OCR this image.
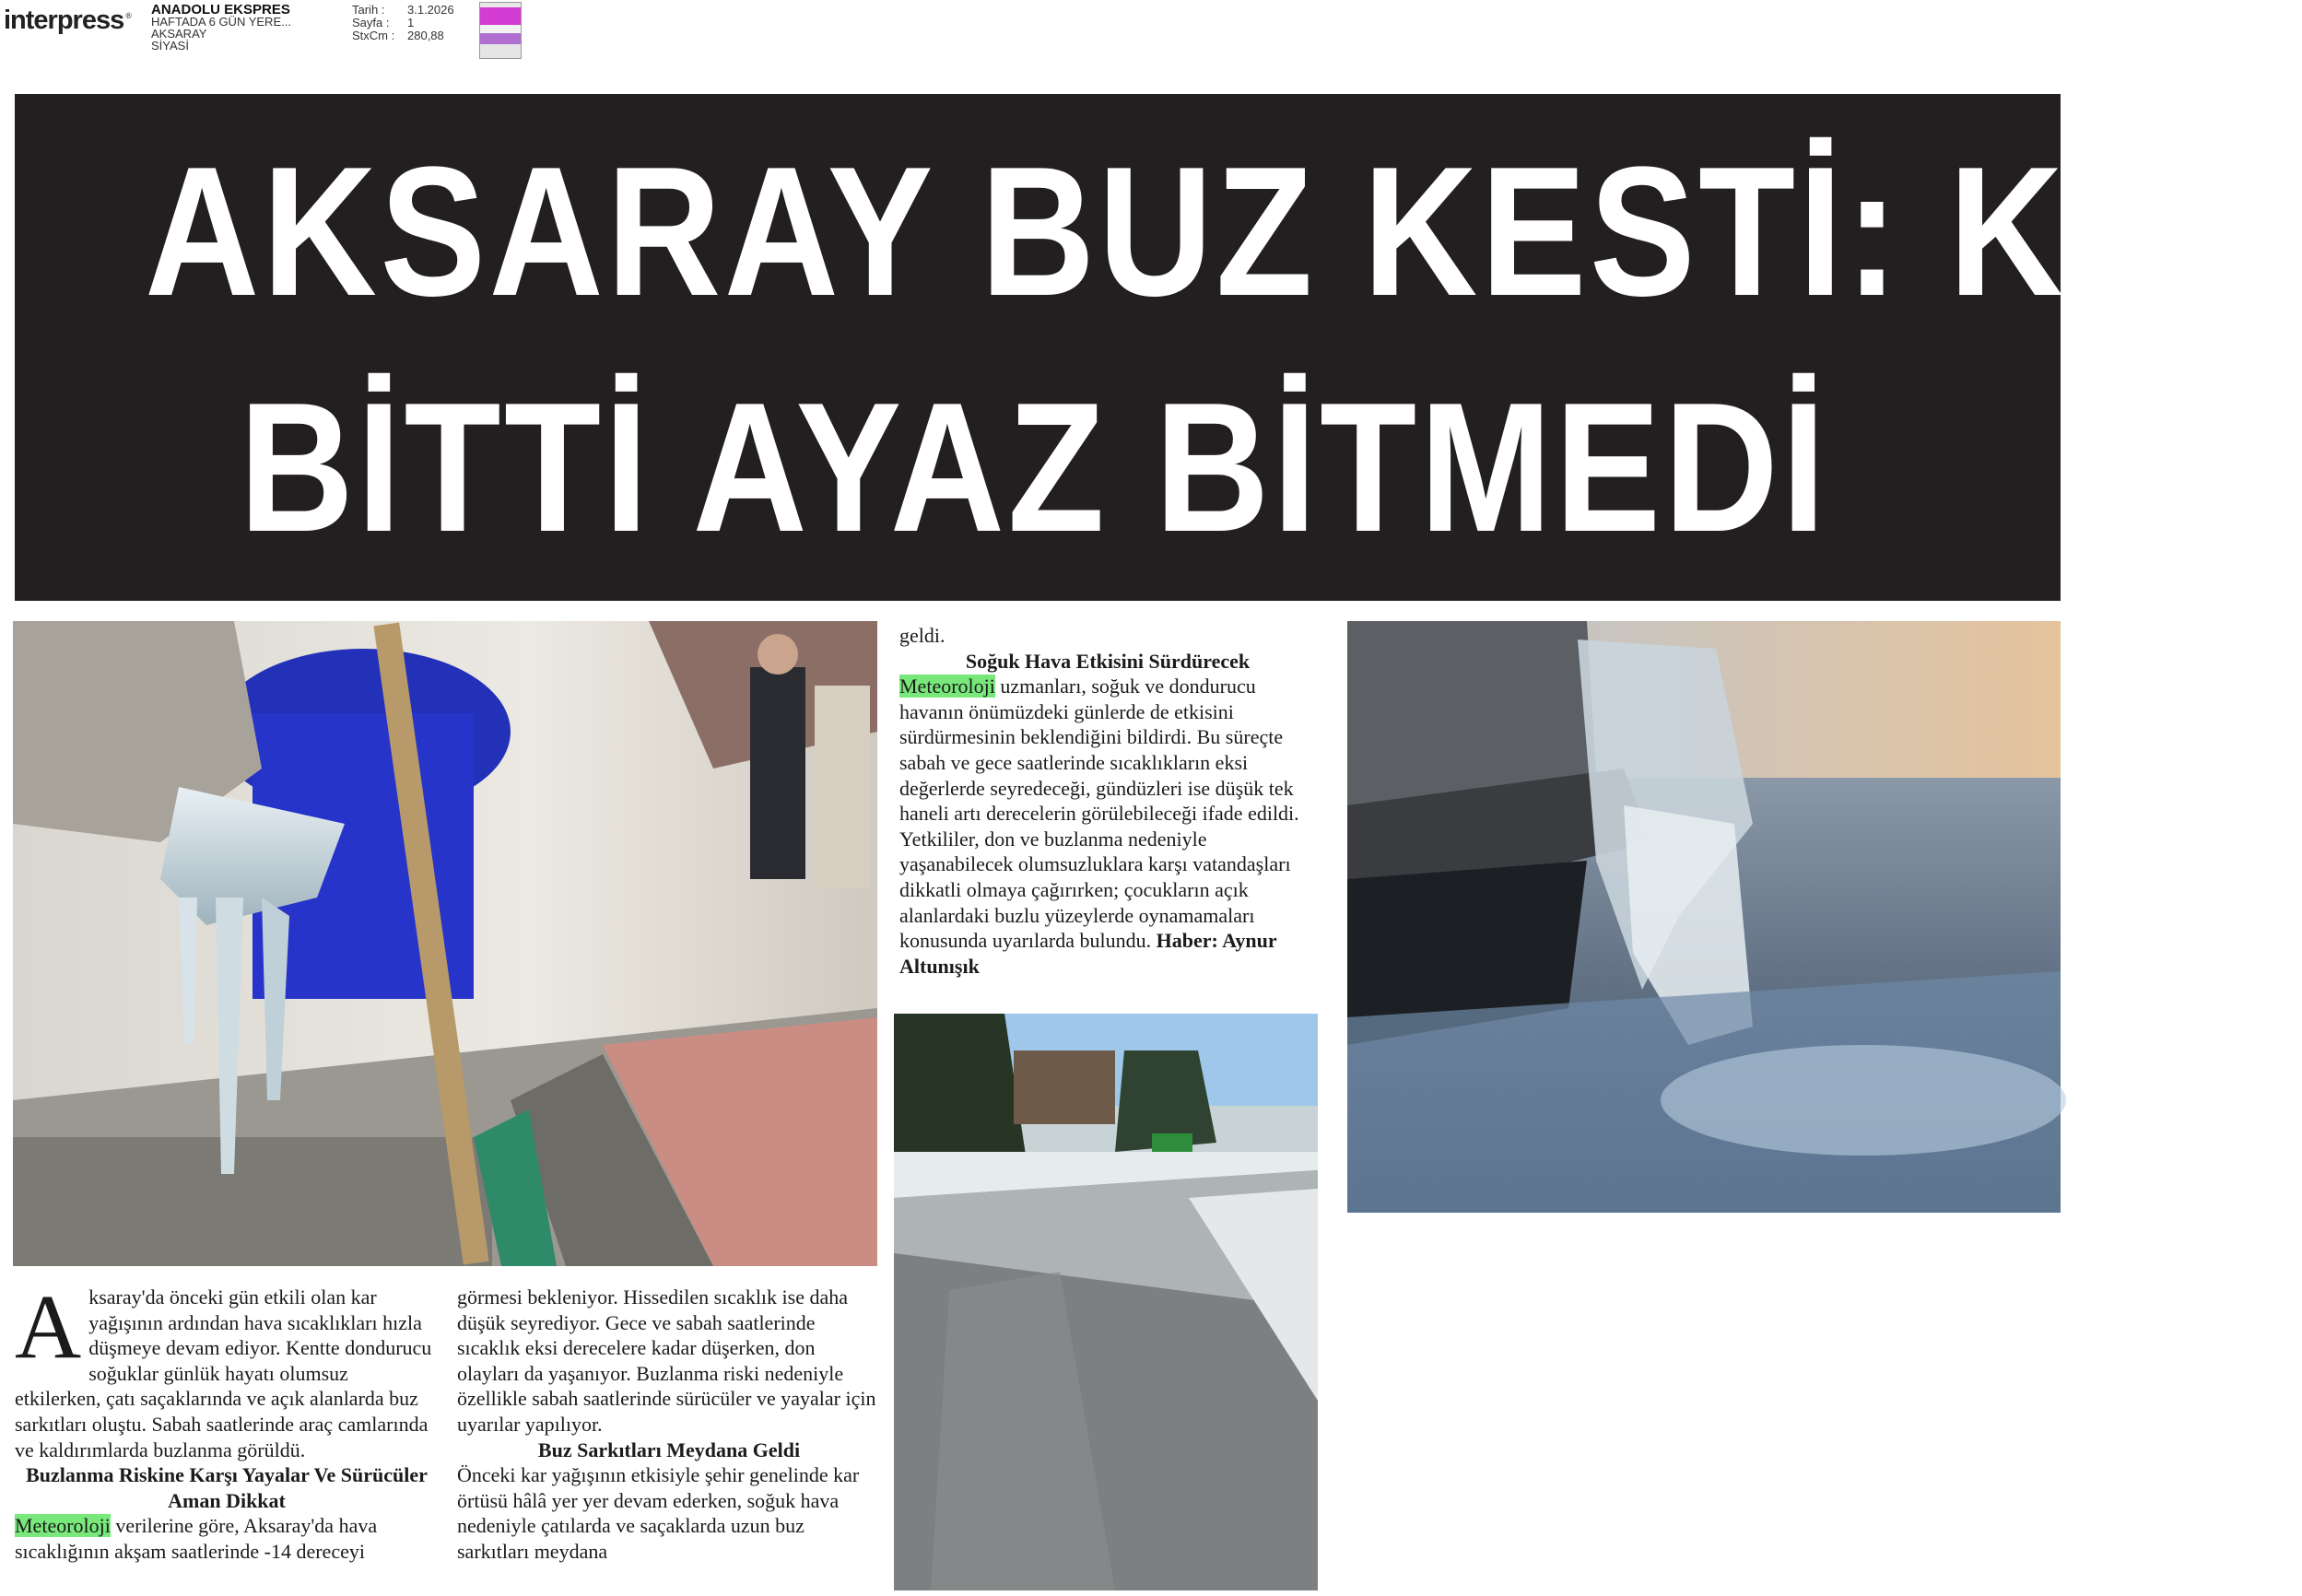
interpress ® ANADOLU EKSPRES
HAFTADA 6 GÜN YERE...
AKSARAY
SİYASİ
Tarih :	3.1.2026
Sayfa :	1
StxCm :	280,88
AKSARAY BUZ KESTİ: KAR
BİTTİ AYAZ BİTMEDİ

Aksaray'da önceki gün etkili olan kar yağışının ardından hava sıcaklıkları hızla düşmeye devam ediyor. Kentte dondurucu soğuklar günlük hayatı olumsuz etkilerken, çatı saçaklarında ve açık alanlarda buz sarkıtları oluştu. Sabah saatlerinde araç camlarında ve kaldırımlarda buzlanma görüldü.

Buzlanma Riskine Karşı Yayalar Ve Sürücüler Aman Dikkat

Meteoroloji verilerine göre, Aksaray'da hava sıcaklığının akşam saatlerinde -14 dereceyi

görmesi bekleniyor. Hissedilen sıcaklık ise daha düşük seyrediyor. Gece ve sabah saatlerinde sıcaklık eksi derecelere kadar düşerken, don olayları da yaşanıyor. Buzlanma riski nedeniyle özellikle sabah saatlerinde sürücüler ve yayalar için uyarılar yapılıyor.

Buz Sarkıtları Meydana Geldi

Önceki kar yağışının etkisiyle şehir genelinde kar örtüsü hâlâ yer yer devam ederken, soğuk hava nedeniyle çatılarda ve saçaklarda uzun buz sarkıtları meydana

geldi.

Soğuk Hava Etkisini Sürdürecek

Meteoroloji uzmanları, soğuk ve dondurucu havanın önümüzdeki günlerde de etkisini sürdürmesinin beklendiğini bildirdi. Bu süreçte sabah ve gece saatlerinde sıcaklıkların eksi değerlerde seyredeceği, gündüzleri ise düşük tek haneli artı derecelerin görülebileceği ifade edildi. Yetkililer, don ve buzlanma nedeniyle yaşanabilecek olumsuzluklara karşı vatandaşları dikkatli olmaya çağırırken; çocukların açık alanlardaki buzlu yüzeylerde oynamamaları konusunda uyarılarda bulundu. Haber: Aynur Altunışık
